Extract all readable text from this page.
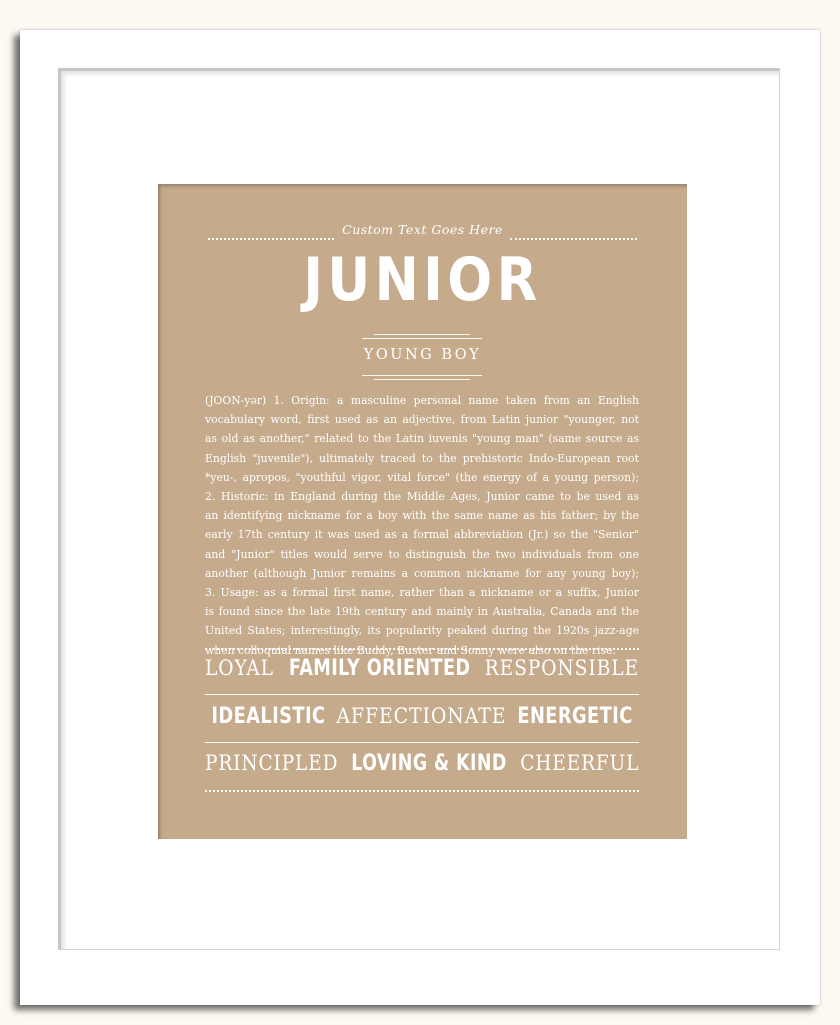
Custom Text Goes Here
JUNIOR
YOUNG BOY
(JOON-yər) 1. Origin: a masculine personal name taken from an English
vocabulary word, first used as an adjective, from Latin junior "younger, not
as old as another," related to the Latin iuvenis "young man" (same source as
English "juvenile"), ultimately traced to the prehistoric Indo-European root
*yeu-, apropos, "youthful vigor, vital force" (the energy of a young person);
2. Historic: in England during the Middle Ages, Junior came to be used as
an identifying nickname for a boy with the same name as his father; by the
early 17th century it was used as a formal abbreviation (Jr.) so the "Senior"
and "Junior" titles would serve to distinguish the two individuals from one
another (although Junior remains a common nickname for any young boy);
3. Usage: as a formal first name, rather than a nickname or a suffix, Junior
is found since the late 19th century and mainly in Australia, Canada and the
United States; interestingly, its popularity peaked during the 1920s jazz-age
when colloquial names like Buddy, Buster and Sonny were also on the rise.
LOYAL FAMILY ORIENTED RESPONSIBLE
IDEALISTIC AFFECTIONATE ENERGETIC
PRINCIPLED LOVING & KIND CHEERFUL
